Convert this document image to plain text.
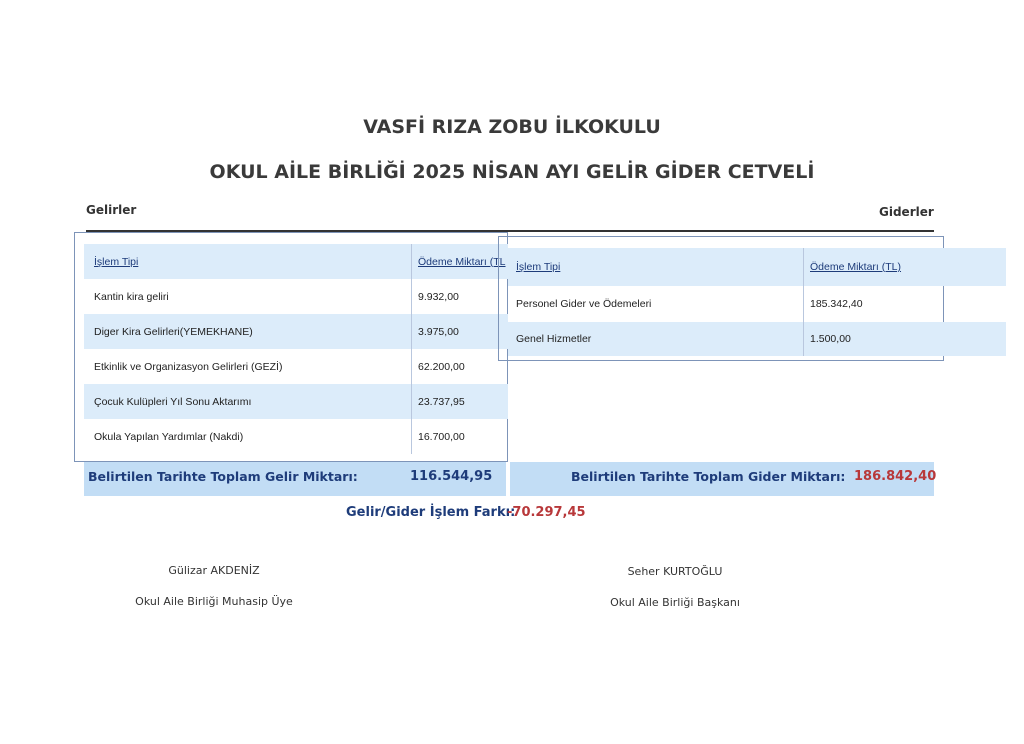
VASFİ RIZA ZOBU İLKOKULU
OKUL AİLE BİRLİĞİ 2025 NİSAN AYI GELİR GİDER CETVELİ
Gelirler	Giderler
İşlem Tipi	Ödeme Miktarı (TL
Kantin kira geliri	9.932,00
Diger Kira Gelirleri(YEMEKHANE)	3.975,00
Etkinlik ve Organizasyon Gelirleri (GEZİ)	62.200,00
Çocuk Kulüpleri Yıl Sonu Aktarımı	23.737,95
Okula Yapılan Yardımlar (Nakdi)	16.700,00
İşlem Tipi	Ödeme Miktarı (TL)
Personel Gider ve Ödemeleri	185.342,40
Genel Hizmetler	1.500,00
Belirtilen Tarihte Toplam Gelir Miktarı:	116.544,95	Belirtilen Tarihte Toplam Gider Miktarı: 186.842,40
Gelir/Gider İşlem Farkı:
-70.297,45
Gülizar AKDENİZ
Okul Aile Birliği Muhasip Üye
Seher KURTOĞLU
Okul Aile Birliği Başkanı
